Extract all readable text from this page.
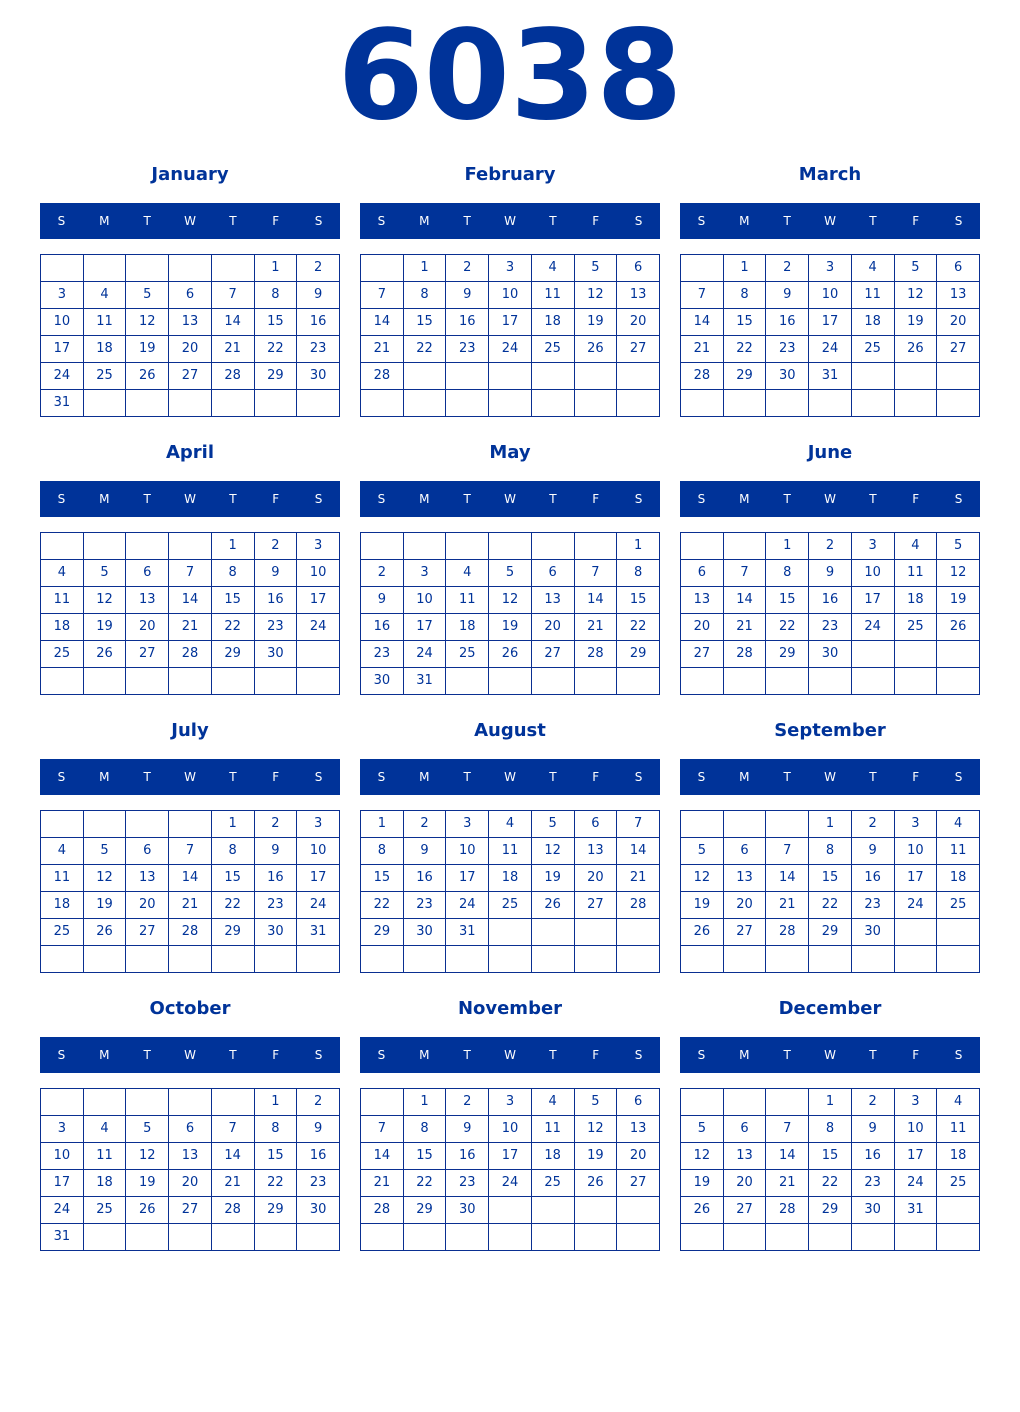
6038
January
S	M	T	W	T	F	S
					1	2
3	4	5	6	7	8	9
10	11	12	13	14	15	16
17	18	19	20	21	22	23
24	25	26	27	28	29	30
31						
February
S	M	T	W	T	F	S
	1	2	3	4	5	6
7	8	9	10	11	12	13
14	15	16	17	18	19	20
21	22	23	24	25	26	27
28						

March
S	M	T	W	T	F	S
	1	2	3	4	5	6
7	8	9	10	11	12	13
14	15	16	17	18	19	20
21	22	23	24	25	26	27
28	29	30	31			

April
S	M	T	W	T	F	S
				1	2	3
4	5	6	7	8	9	10
11	12	13	14	15	16	17
18	19	20	21	22	23	24
25	26	27	28	29	30	

May
S	M	T	W	T	F	S
						1
2	3	4	5	6	7	8
9	10	11	12	13	14	15
16	17	18	19	20	21	22
23	24	25	26	27	28	29
30	31					
June
S	M	T	W	T	F	S
		1	2	3	4	5
6	7	8	9	10	11	12
13	14	15	16	17	18	19
20	21	22	23	24	25	26
27	28	29	30			

July
S	M	T	W	T	F	S
				1	2	3
4	5	6	7	8	9	10
11	12	13	14	15	16	17
18	19	20	21	22	23	24
25	26	27	28	29	30	31

August
S	M	T	W	T	F	S
1	2	3	4	5	6	7
8	9	10	11	12	13	14
15	16	17	18	19	20	21
22	23	24	25	26	27	28
29	30	31				

September
S	M	T	W	T	F	S
			1	2	3	4
5	6	7	8	9	10	11
12	13	14	15	16	17	18
19	20	21	22	23	24	25
26	27	28	29	30		

October
S	M	T	W	T	F	S
					1	2
3	4	5	6	7	8	9
10	11	12	13	14	15	16
17	18	19	20	21	22	23
24	25	26	27	28	29	30
31						
November
S	M	T	W	T	F	S
	1	2	3	4	5	6
7	8	9	10	11	12	13
14	15	16	17	18	19	20
21	22	23	24	25	26	27
28	29	30				

December
S	M	T	W	T	F	S
			1	2	3	4
5	6	7	8	9	10	11
12	13	14	15	16	17	18
19	20	21	22	23	24	25
26	27	28	29	30	31	
